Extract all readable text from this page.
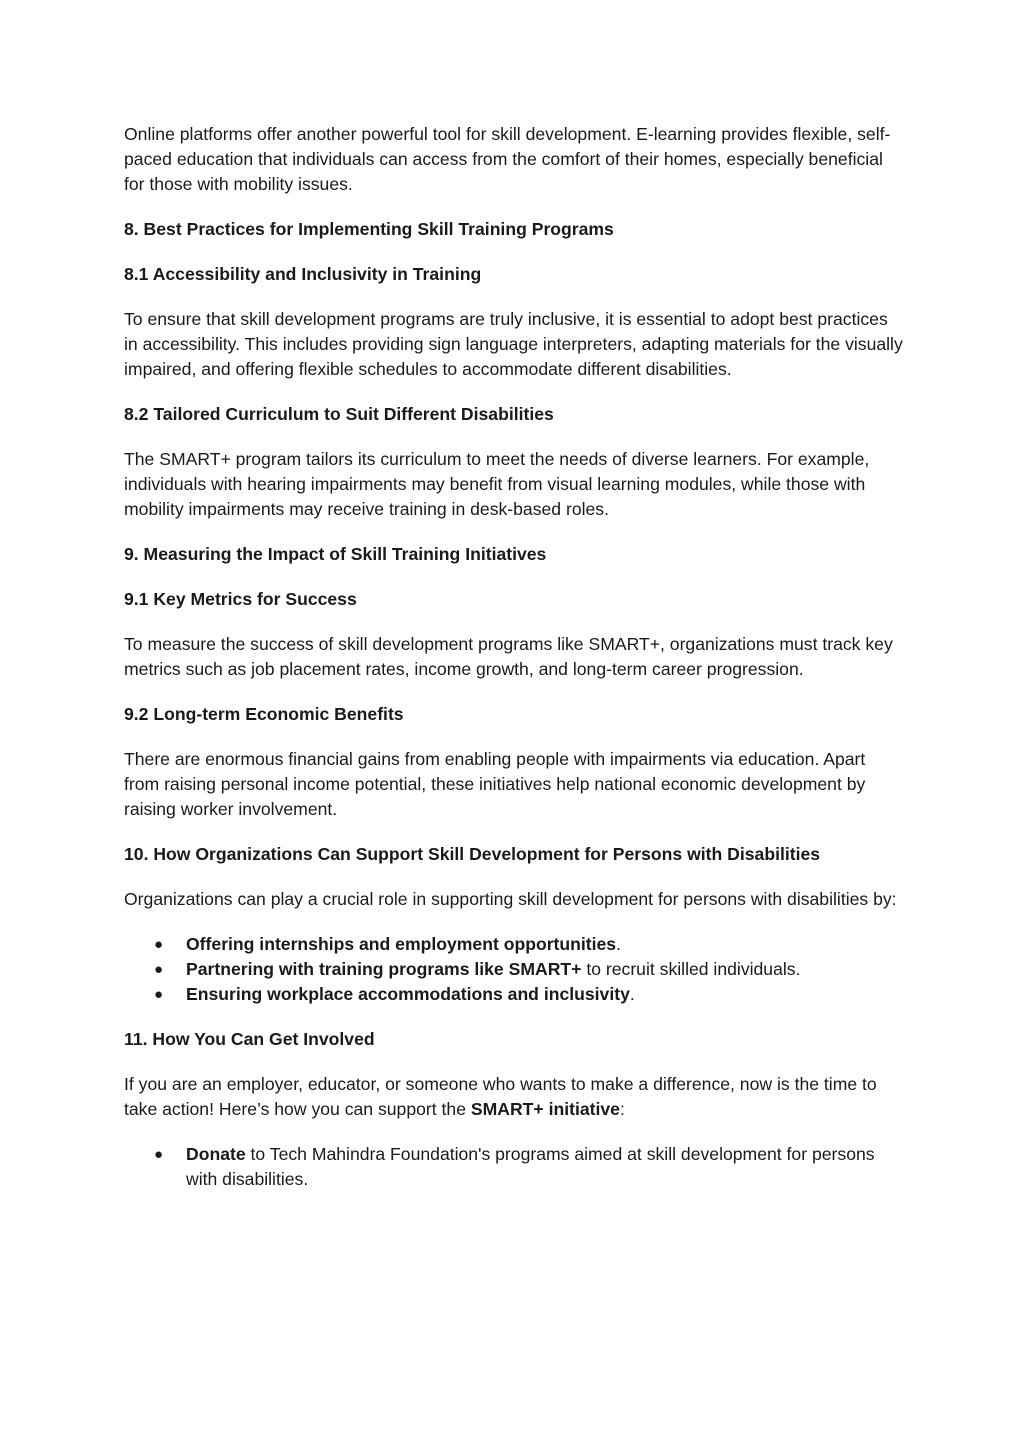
Online platforms offer another powerful tool for skill development. E-learning provides flexible, self-paced education that individuals can access from the comfort of their homes, especially beneficial for those with mobility issues.

8. Best Practices for Implementing Skill Training Programs

8.1 Accessibility and Inclusivity in Training

To ensure that skill development programs are truly inclusive, it is essential to adopt best practices in accessibility. This includes providing sign language interpreters, adapting materials for the visually impaired, and offering flexible schedules to accommodate different disabilities.

8.2 Tailored Curriculum to Suit Different Disabilities

The SMART+ program tailors its curriculum to meet the needs of diverse learners. For example, individuals with hearing impairments may benefit from visual learning modules, while those with mobility impairments may receive training in desk-based roles.

9. Measuring the Impact of Skill Training Initiatives

9.1 Key Metrics for Success

To measure the success of skill development programs like SMART+, organizations must track key metrics such as job placement rates, income growth, and long-term career progression.

9.2 Long-term Economic Benefits

There are enormous financial gains from enabling people with impairments via education. Apart from raising personal income potential, these initiatives help national economic development by raising worker involvement.

10. How Organizations Can Support Skill Development for Persons with Disabilities

Organizations can play a crucial role in supporting skill development for persons with disabilities by:

● Offering internships and employment opportunities.
● Partnering with training programs like SMART+ to recruit skilled individuals.
● Ensuring workplace accommodations and inclusivity.

11. How You Can Get Involved

If you are an employer, educator, or someone who wants to make a difference, now is the time to take action! Here’s how you can support the SMART+ initiative:

● Donate to Tech Mahindra Foundation's programs aimed at skill development for persons with disabilities.
